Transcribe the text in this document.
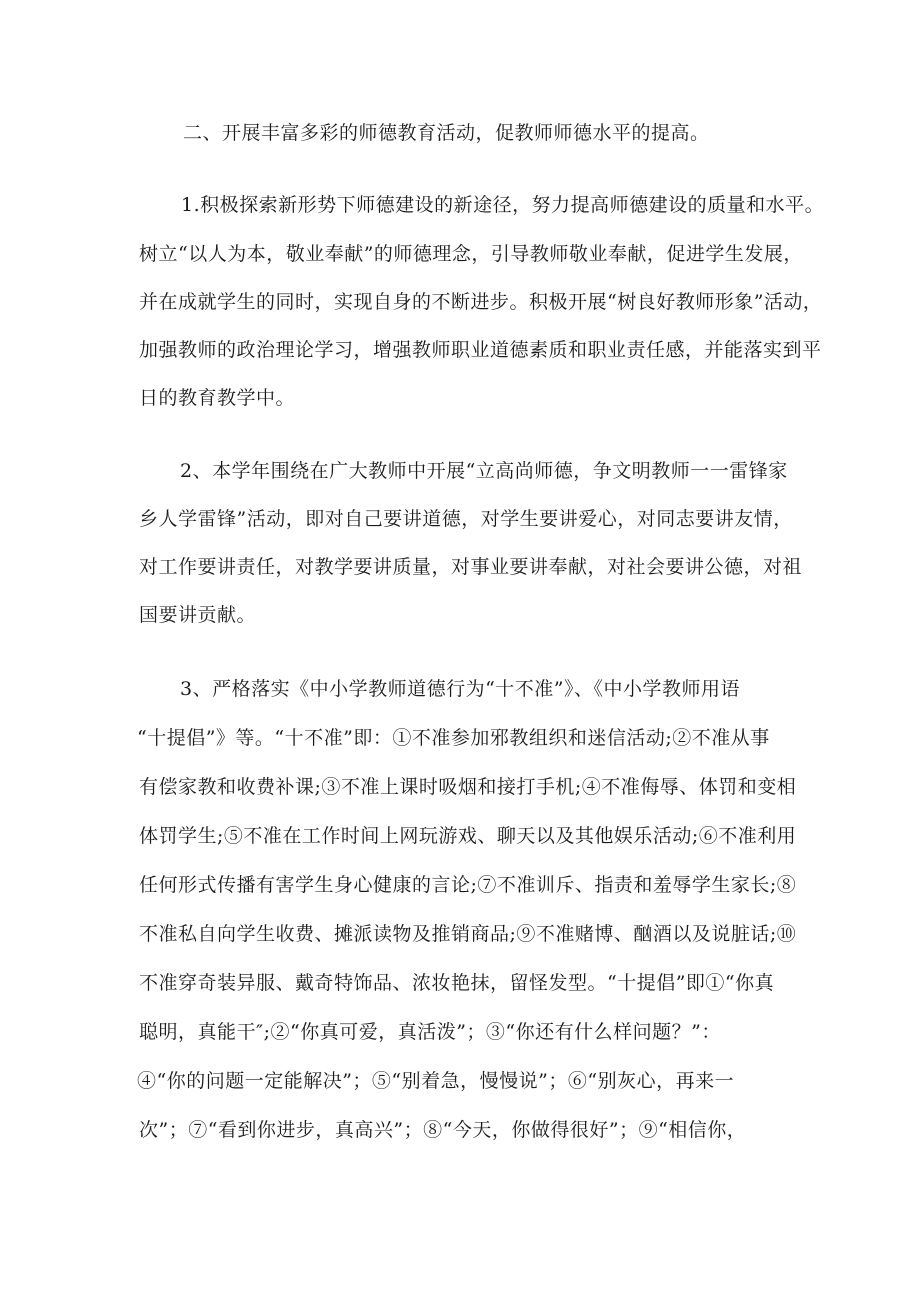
二、开展丰富多彩的师德教育活动，促教师师德水平的提高。
1.积极探索新形势下师德建设的新途径，努力提高师德建设的质量和水平。
树立“以人为本，敬业奉献”的师德理念，引导教师敬业奉献，促进学生发展，
并在成就学生的同时，实现自身的不断进步。积极开展“树良好教师形象”活动，
加强教师的政治理论学习，增强教师职业道德素质和职业责任感，并能落实到平
日的教育教学中。
2、本学年围绕在广大教师中开展“立高尚师德，争文明教师一一雷锋家
乡人学雷锋”活动，即对自己要讲道德，对学生要讲爱心，对同志要讲友情，
对工作要讲责任，对教学要讲质量，对事业要讲奉献，对社会要讲公德，对祖
国要讲贡献。
3、严格落实《中小学教师道德行为“十不准”》、《中小学教师用语
“十提倡”》等。“十不准”即：①不准参加邪教组织和迷信活动;②不准从事
有偿家教和收费补课;③不准上课时吸烟和接打手机;④不准侮辱、体罚和变相
体罚学生;⑤不准在工作时间上网玩游戏、聊天以及其他娱乐活动;⑥不准利用
任何形式传播有害学生身心健康的言论;⑦不准训斥、指责和羞辱学生家长;⑧
不准私自向学生收费、摊派读物及推销商品;⑨不准赌博、酗酒以及说脏话;⑩
不准穿奇装异服、戴奇特饰品、浓妆艳抹，留怪发型。“十提倡”即①“你真
聪明，真能干″;②“你真可爱，真活泼”；③“你还有什么样问题？”：
④“你的问题一定能解决”；⑤“别着急，慢慢说”；⑥“别灰心，再来一
次”；⑦“看到你进步，真高兴”；⑧“今天，你做得很好”；⑨“相信你，
